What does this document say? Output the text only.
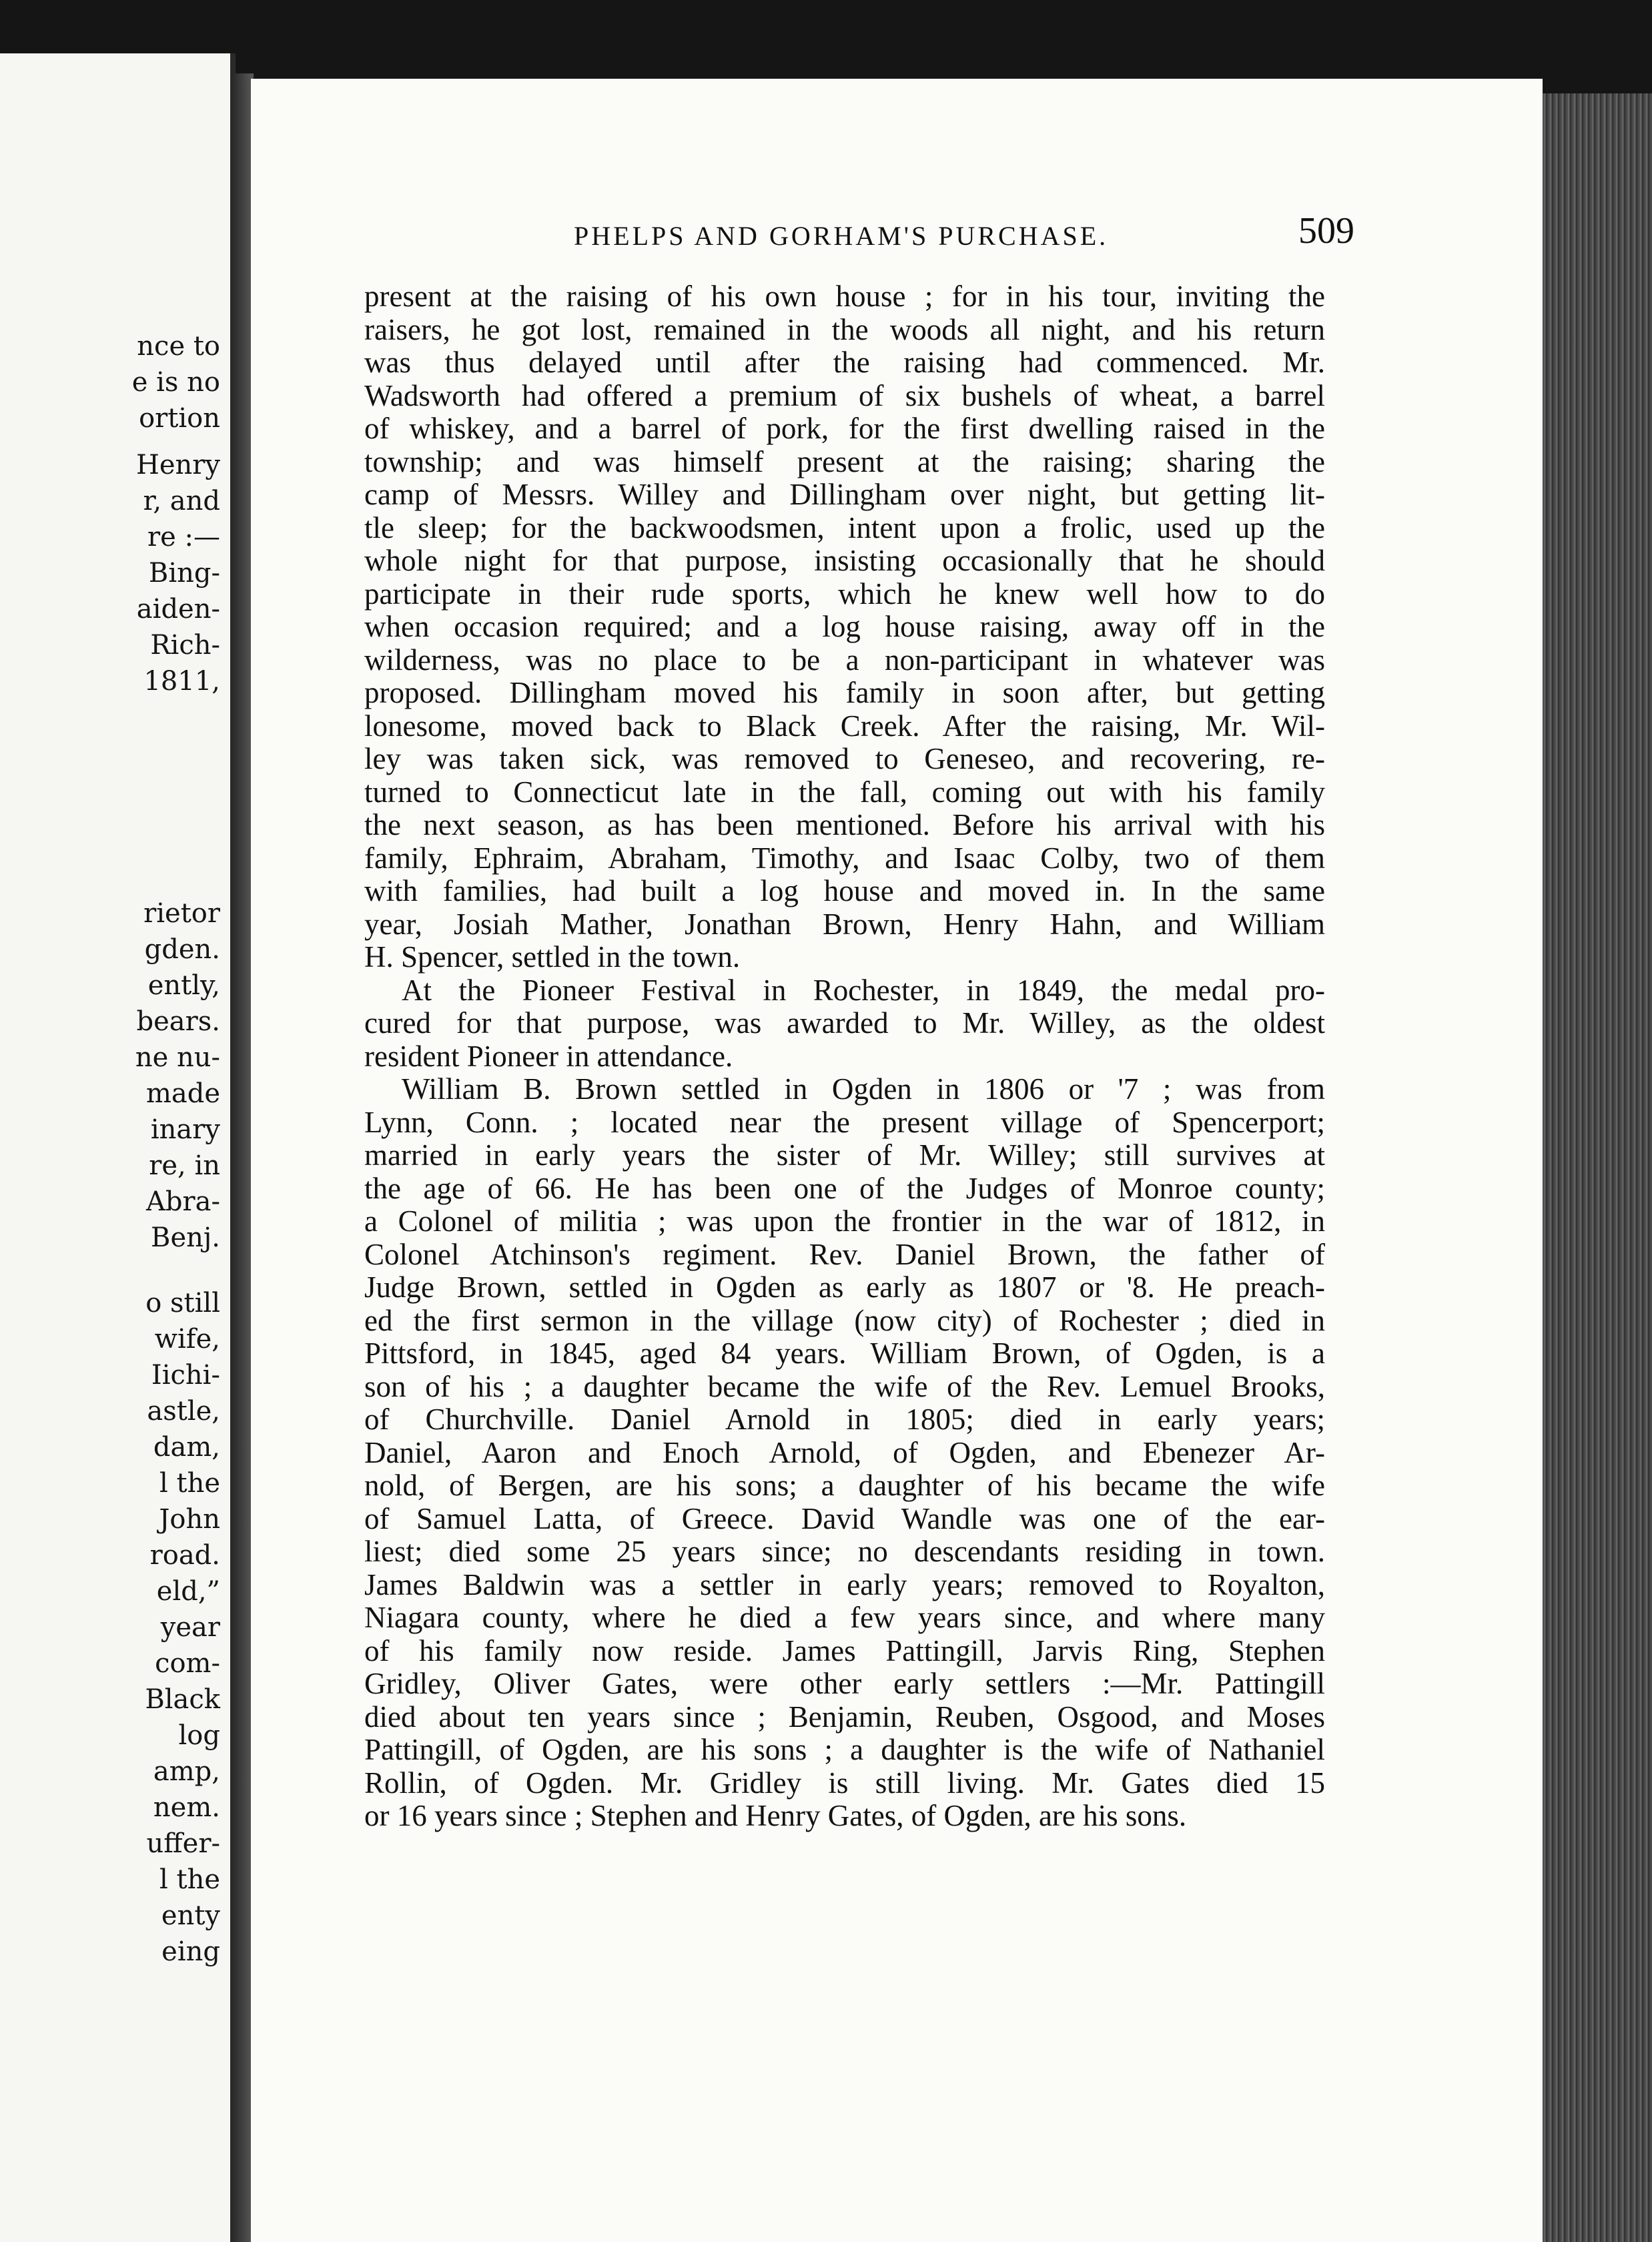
nce to
e is no
ortion
Henry
r, and
re :—
Bing-
aiden-
Rich-
1811,
rietor
gden.
ently,
bears.
ne nu-
made
inary
re, in
Abra-
Benj.
o still
wife,
Iichi-
astle,
dam,
l the
John
road.
eld,”
year
com-
Black
log
amp,
nem.
uffer-
l the
enty
eing
PHELPS AND GORHAM'S PURCHASE.	509
present at the raising of his own house ; for in his tour, inviting the
raisers, he got lost, remained in the woods all night, and his return
was thus delayed until after the raising had commenced. Mr.
Wadsworth had offered a premium of six bushels of wheat, a barrel
of whiskey, and a barrel of pork, for the first dwelling raised in the
township; and was himself present at the raising; sharing the
camp of Messrs. Willey and Dillingham over night, but getting lit-
tle sleep; for the backwoodsmen, intent upon a frolic, used up the
whole night for that purpose, insisting occasionally that he should
participate in their rude sports, which he knew well how to do
when occasion required; and a log house raising, away off in the
wilderness, was no place to be a non-participant in whatever was
proposed. Dillingham moved his family in soon after, but getting
lonesome, moved back to Black Creek. After the raising, Mr. Wil-
ley was taken sick, was removed to Geneseo, and recovering, re-
turned to Connecticut late in the fall, coming out with his family
the next season, as has been mentioned. Before his arrival with his
family, Ephraim, Abraham, Timothy, and Isaac Colby, two of them
with families, had built a log house and moved in. In the same
year, Josiah Mather, Jonathan Brown, Henry Hahn, and William
H. Spencer, settled in the town.
At the Pioneer Festival in Rochester, in 1849, the medal pro-
cured for that purpose, was awarded to Mr. Willey, as the oldest
resident Pioneer in attendance.
William B. Brown settled in Ogden in 1806 or '7 ; was from
Lynn, Conn. ; located near the present village of Spencerport;
married in early years the sister of Mr. Willey; still survives at
the age of 66. He has been one of the Judges of Monroe county;
a Colonel of militia ; was upon the frontier in the war of 1812, in
Colonel Atchinson's regiment. Rev. Daniel Brown, the father of
Judge Brown, settled in Ogden as early as 1807 or '8. He preach-
ed the first sermon in the village (now city) of Rochester ; died in
Pittsford, in 1845, aged 84 years. William Brown, of Ogden, is a
son of his ; a daughter became the wife of the Rev. Lemuel Brooks,
of Churchville. Daniel Arnold in 1805; died in early years;
Daniel, Aaron and Enoch Arnold, of Ogden, and Ebenezer Ar-
nold, of Bergen, are his sons; a daughter of his became the wife
of Samuel Latta, of Greece. David Wandle was one of the ear-
liest; died some 25 years since; no descendants residing in town.
James Baldwin was a settler in early years; removed to Royalton,
Niagara county, where he died a few years since, and where many
of his family now reside. James Pattingill, Jarvis Ring, Stephen
Gridley, Oliver Gates, were other early settlers :—Mr. Pattingill
died about ten years since ; Benjamin, Reuben, Osgood, and Moses
Pattingill, of Ogden, are his sons ; a daughter is the wife of Nathaniel
Rollin, of Ogden. Mr. Gridley is still living. Mr. Gates died 15
or 16 years since ; Stephen and Henry Gates, of Ogden, are his sons.
